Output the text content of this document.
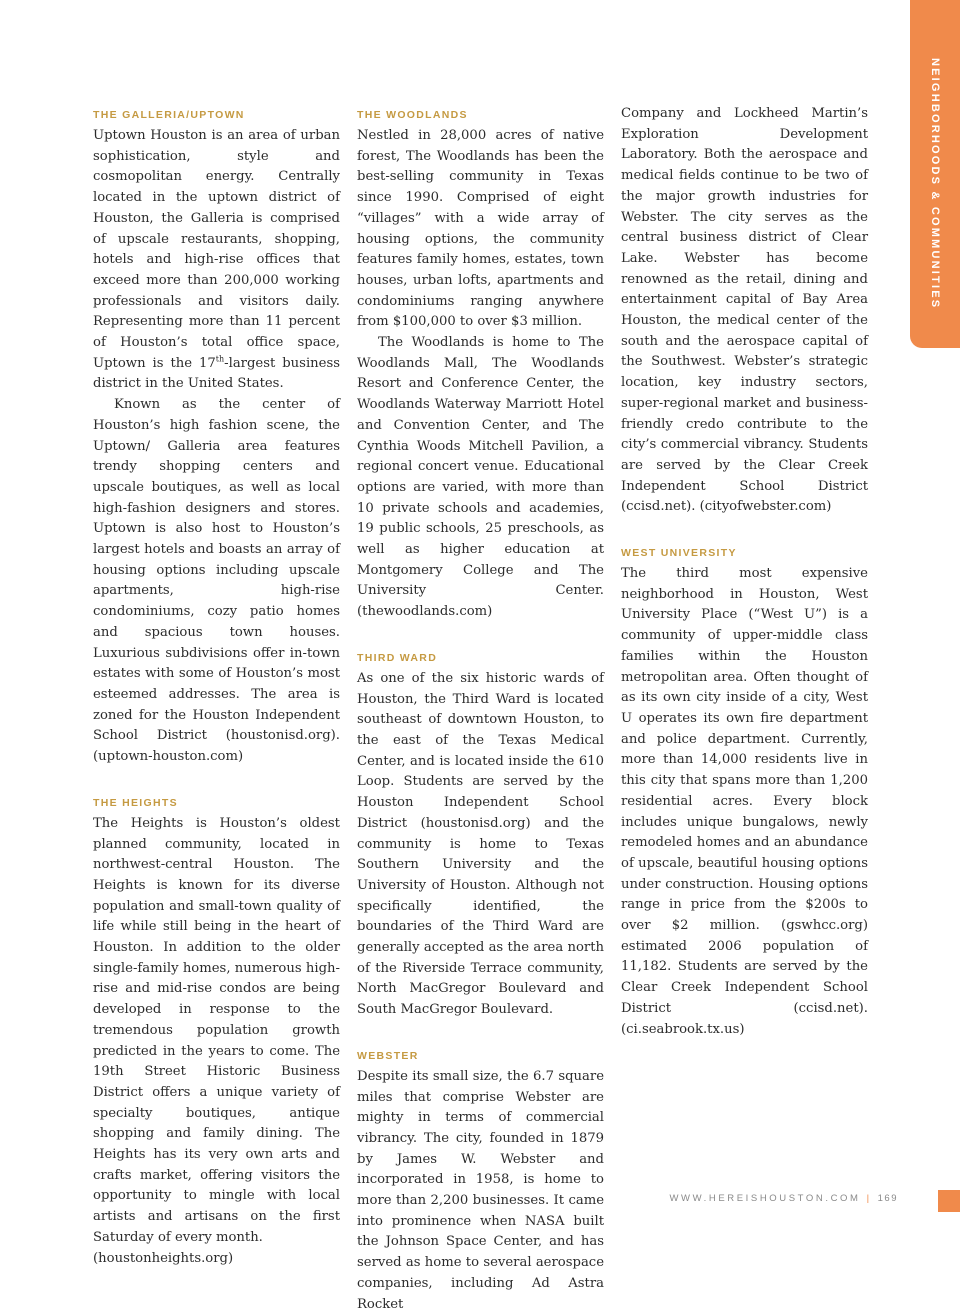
NEIGHBORHOODS & COMMUNITIES
THE GALLERIA/UPTOWN

Uptown Houston is an area of urban sophistication, style and cosmopolitan energy. Centrally located in the uptown district of Houston, the Galleria is comprised of upscale restaurants, shopping, hotels and high-rise offices that exceed more than 200,000 working professionals and visitors daily. Representing more than 11 percent of Houston’s total office space, Uptown is the 17th-largest business district in the United States.

Known as the center of Houston’s high fashion scene, the Uptown/ Galleria area features trendy shopping centers and upscale boutiques, as well as local high-fashion designers and stores. Uptown is also host to Houston’s largest hotels and boasts an array of housing options including upscale apartments, high-rise condominiums, cozy patio homes and spacious town houses. Luxurious subdivisions offer in-town estates with some of Houston’s most esteemed addresses. The area is zoned for the Houston Independent School District (houstonisd.org). (uptown-houston.com)

THE HEIGHTS

The Heights is Houston’s oldest planned community, located in northwest-central Houston. The Heights is known for its diverse population and small-town quality of life while still being in the heart of Houston. In addition to the older single-family homes, numerous high-rise and mid-rise condos are being developed in response to the tremendous population growth predicted in the years to come. The 19th Street Historic Business District offers a unique variety of specialty boutiques, antique shopping and family dining. The Heights has its very own arts and crafts market, offering visitors the opportunity to mingle with local artists and artisans on the first Saturday of every month.

(houstonheights.org)

THE WOODLANDS

Nestled in 28,000 acres of native forest, The Woodlands has been the best-selling community in Texas since 1990. Comprised of eight “villages” with a wide array of housing options, the community features family homes, estates, town houses, urban lofts, apartments and condominiums ranging anywhere from $100,000 to over $3 million.

The Woodlands is home to The Woodlands Mall, The Woodlands Resort and Conference Center, the Woodlands Waterway Marriott Hotel and Convention Center, and The Cynthia Woods Mitchell Pavilion, a regional concert venue. Educational options are varied, with more than 10 private schools and academies, 19 public schools, 25 preschools, as well as higher education at Montgomery College and The University Center. (thewoodlands.com)

THIRD WARD

As one of the six historic wards of Houston, the Third Ward is located southeast of downtown Houston, to the east of the Texas Medical Center, and is located inside the 610 Loop. Students are served by the Houston Independent School District (houstonisd.org) and the community is home to Texas Southern University and the University of Houston. Although not specifically identified, the boundaries of the Third Ward are generally accepted as the area north of the Riverside Terrace community, North MacGregor Boulevard and South MacGregor Boulevard.

WEBSTER

Despite its small size, the 6.7 square miles that comprise Webster are mighty in terms of commercial vibrancy. The city, founded in 1879 by James W. Webster and incorporated in 1958, is home to more than 2,200 businesses. It came into prominence when NASA built the Johnson Space Center, and has served as home to several aerospace companies, including Ad Astra Rocket

Company and Lockheed Martin’s Exploration Development Laboratory. Both the aerospace and medical fields continue to be two of the major growth industries for Webster. The city serves as the central business district of Clear Lake. Webster has become renowned as the retail, dining and entertainment capital of Bay Area Houston, the medical center of the south and the aerospace capital of the Southwest. Webster’s strategic location, key industry sectors, super-regional market and business-friendly credo contribute to the city’s commercial vibrancy. Students are served by the Clear Creek Independent School District (ccisd.net). (cityofwebster.com)

WEST UNIVERSITY

The third most expensive neighborhood in Houston, West University Place (“West U”) is a community of upper-middle class families within the Houston metropolitan area. Often thought of as its own city inside of a city, West U operates its own fire department and police department. Currently, more than 14,000 residents live in this city that spans more than 1,200 residential acres. Every block includes unique bungalows, newly remodeled homes and an abundance of upscale, beautiful housing options under construction. Housing options range in price from the $200s to over $2 million. (gswhcc.org) estimated 2006 population of 11,182. Students are served by the Clear Creek Independent School District (ccisd.net). (ci.seabrook.tx.us)

WWW.HEREISHOUSTON.COM | 169
